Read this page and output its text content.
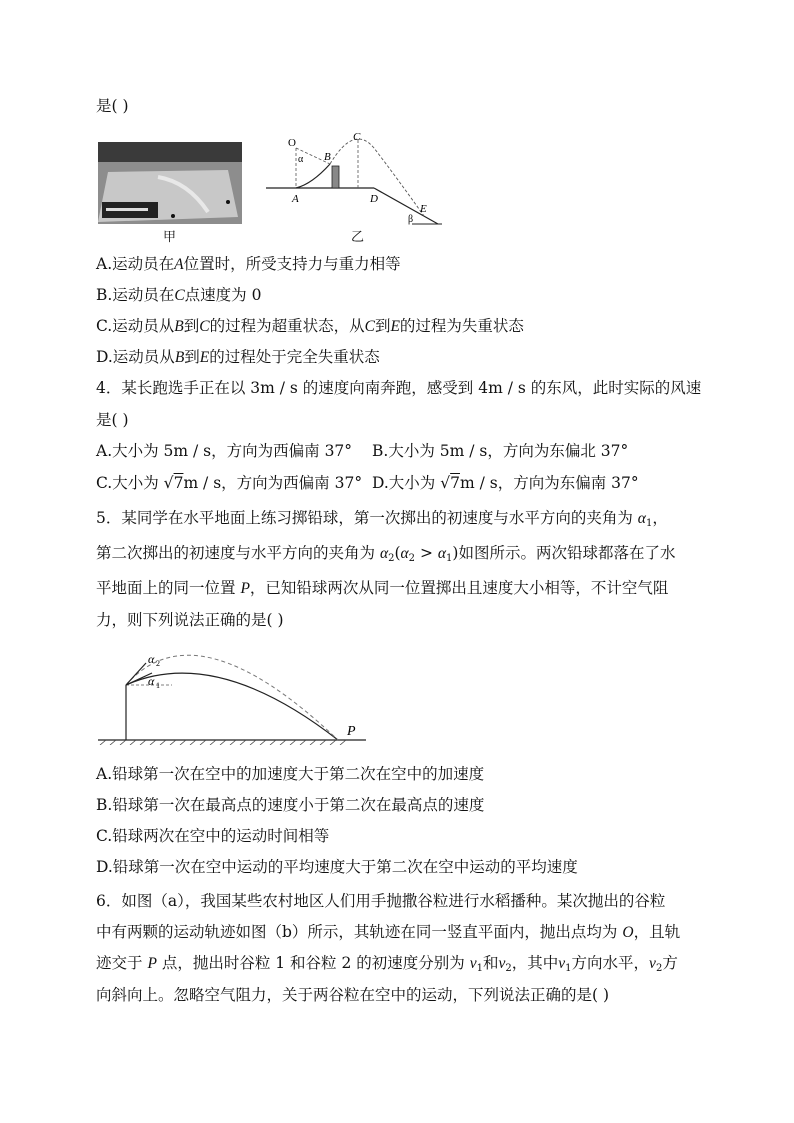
是( )
甲
O
α B
C
A	D
E
β
乙
A.运动员在A位置时，所受支持力与重力相等
B.运动员在C点速度为 0
C.运动员从B到C的过程为超重状态，从C到E的过程为失重状态
D.运动员从B到E的过程处于完全失重状态
4．某长跑选手正在以 3m / s 的速度向南奔跑，感受到 4m / s 的东风，此时实际的风速
是( )
A.大小为 5m / s，方向为西偏南 37° B.大小为 5m / s，方向为东偏北 37°
C.大小为 √7m / s，方向为西偏南 37° D.大小为 √7m / s，方向为东偏南 37°
5．某同学在水平地面上练习掷铅球，第一次掷出的初速度与水平方向的夹角为 $\alpha_1$，
第二次掷出的初速度与水平方向的夹角为 $\alpha_2(\alpha_2 > \alpha_1)$如图所示。两次铅球都落在了水
平地面上的同一位置 P，已知铅球两次从同一位置掷出且速度大小相等，不计空气阻
力，则下列说法正确的是( )
α 2
α 1
P
A.铅球第一次在空中的加速度大于第二次在空中的加速度
B.铅球第一次在最高点的速度小于第二次在最高点的速度
C.铅球两次在空中的运动时间相等
D.铅球第一次在空中运动的平均速度大于第二次在空中运动的平均速度
6．如图（a），我国某些农村地区人们用手抛撒谷粒进行水稻播种。某次抛出的谷粒
中有两颗的运动轨迹如图（b）所示，其轨迹在同一竖直平面内，抛出点均为 O，且轨
迹交于 P 点，抛出时谷粒 1 和谷粒 2 的初速度分别为 $v_1$和$v_2$，其中$v_1$方向水平，$v_2$方
向斜向上。忽略空气阻力，关于两谷粒在空中的运动，下列说法正确的是( )
